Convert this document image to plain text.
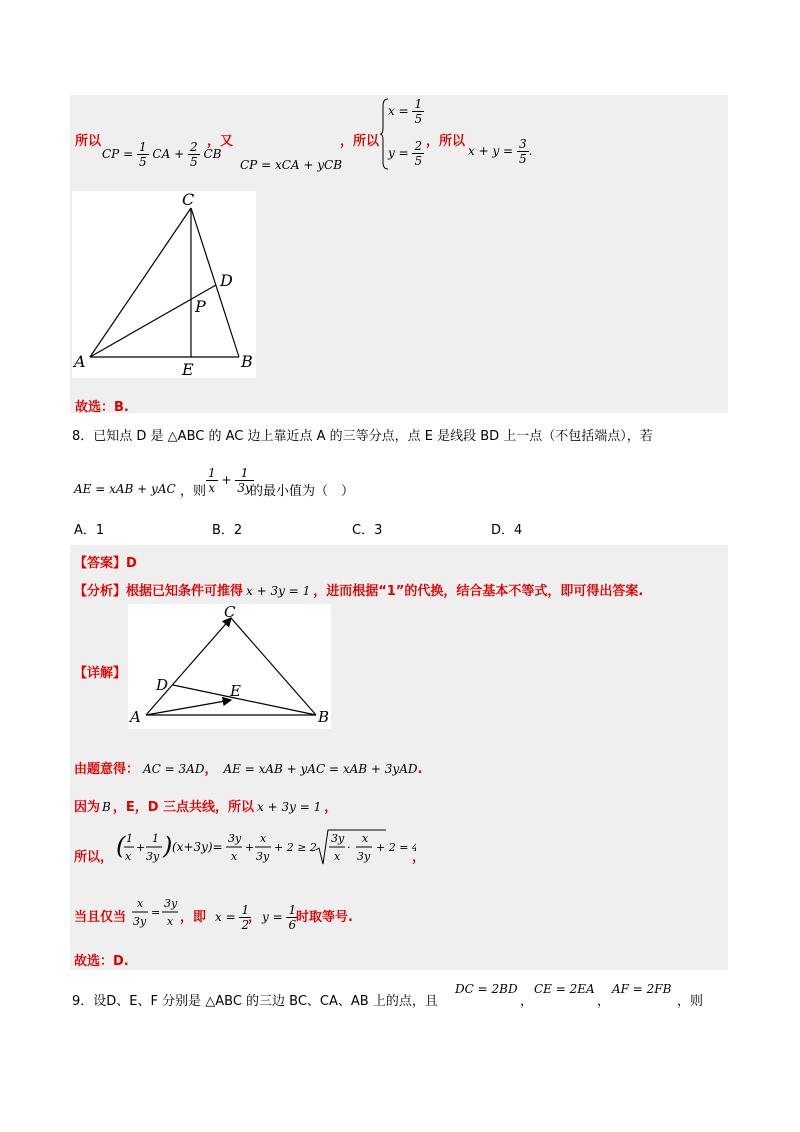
所以
CP = $\frac{1}{5}$ CA + $\frac{2}{5}$ CB
，又
CP = xCA + yCB
，所以
$x = \frac{1}{5}$
$y = \frac{2}{5}$ ，所以
$x + y = \frac{3}{5}$ .
C
D
P
A	E	B
故选：B.
8．已知点 D 是 △ABC 的 AC 边上靠近点 A 的三等分点，点 E 是线段 BD 上一点（不包括端点），若
AE = xAB + yAC ，则 $\frac{1}{x} + \frac{1}{3y}$
的最小值为（　）
A．1	B．2	C．3	D．4
【答案】D
【分析】根据已知条件可推得 x + 3y = 1 ，进而根据“1”的代换，结合基本不等式，即可得出答案.
C
D	E
A	B
【详解】
由题意得： AC = 3AD， AE = xAB + yAC = xAB + 3yAD.
因为 B ，E，D 三点共线，所以 x + 3y = 1 ，
所以， ( 1
x
+
1
3y ) (x+3y)=
3y
x
+
x
3y
+ 2 ≥ 2
3y
x
·
x
3y
+ 2 = 4
，
当且仅当
x
3y
=
3y
x ，即 $x = \frac{1}{2}$
， $y = \frac{1}{6}$
时取等号.
故选：D.
9．设D、E、F 分别是 △ABC 的三边 BC、CA、AB 上的点，且
DC = 2BD
，
CE = 2EA
，
AF = 2FB
，则
